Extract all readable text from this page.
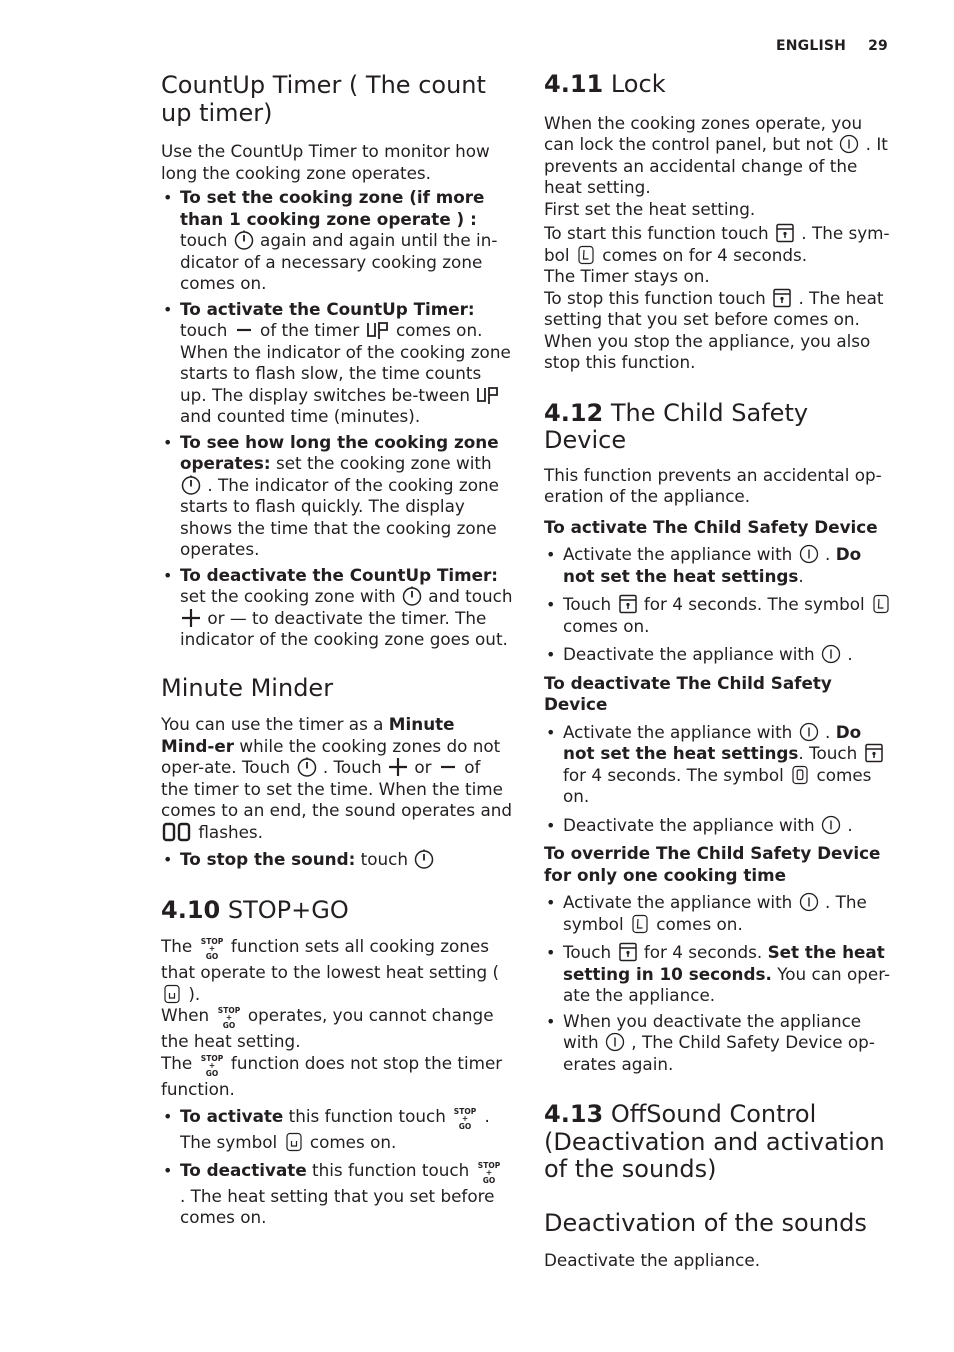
ENGLISH 29
CountUp Timer ( The count up timer)

Use the CountUp Timer to monitor how long the cooking zone operates.

• To set the cooking zone (if more than 1 cooking zone operate ) :
touch again and again until the in-dicator of a necessary cooking zone comes on.
• To activate the CountUp Timer:
touch of the timer comes on. When the indicator of the cooking zone starts to flash slow, the time counts up. The display switches be-tween
and counted time (minutes).
• To see how long the cooking zone operates: set the cooking zone with
. The indicator of the cooking zone starts to flash quickly. The display shows the time that the cooking zone operates.
• To deactivate the CountUp Timer:
set the cooking zone with and touch
or — to deactivate the timer. The indicator of the cooking zone goes out.
Minute Minder

You can use the timer as a Minute Mind-er while the cooking zones do not oper-ate. Touch . Touch or of the timer to set the time. When the time comes to an end, the sound operates and
flashes.

• To stop the sound: touch
4.10 STOP+GO

The function sets all cooking zones that operate to the lowest heat setting (
).

When operates, you cannot change the heat setting.

The function does not stop the timer function.

• To activate this function touch . The symbol comes on.
• To deactivate this function touch
. The heat setting that you set before comes on.
4.11 Lock

When the cooking zones operate, you can lock the control panel, but not . It prevents an accidental change of the heat setting.

First set the heat setting.

To start this function touch . The sym-bol comes on for 4 seconds.

The Timer stays on.

To stop this function touch . The heat setting that you set before comes on. When you stop the appliance, you also stop this function.

4.12 The Child Safety Device

This function prevents an accidental op-eration of the appliance.

To activate The Child Safety Device
• Activate the appliance with . Do not set the heat settings.
• Touch for 4 seconds. The symbol
comes on.
• Deactivate the appliance with .
To deactivate The Child Safety Device
• Activate the appliance with . Do not set the heat settings. Touch
for 4 seconds. The symbol comes on.
• Deactivate the appliance with .
To override The Child Safety Device for only one cooking time
• Activate the appliance with . The symbol comes on.
• Touch for 4 seconds. Set the heat setting in 10 seconds. You can oper-ate the appliance.
• When you deactivate the appliance with , The Child Safety Device op-erates again.
4.13 OffSound Control (Deactivation and activation of the sounds)
Deactivation of the sounds

Deactivate the appliance.
